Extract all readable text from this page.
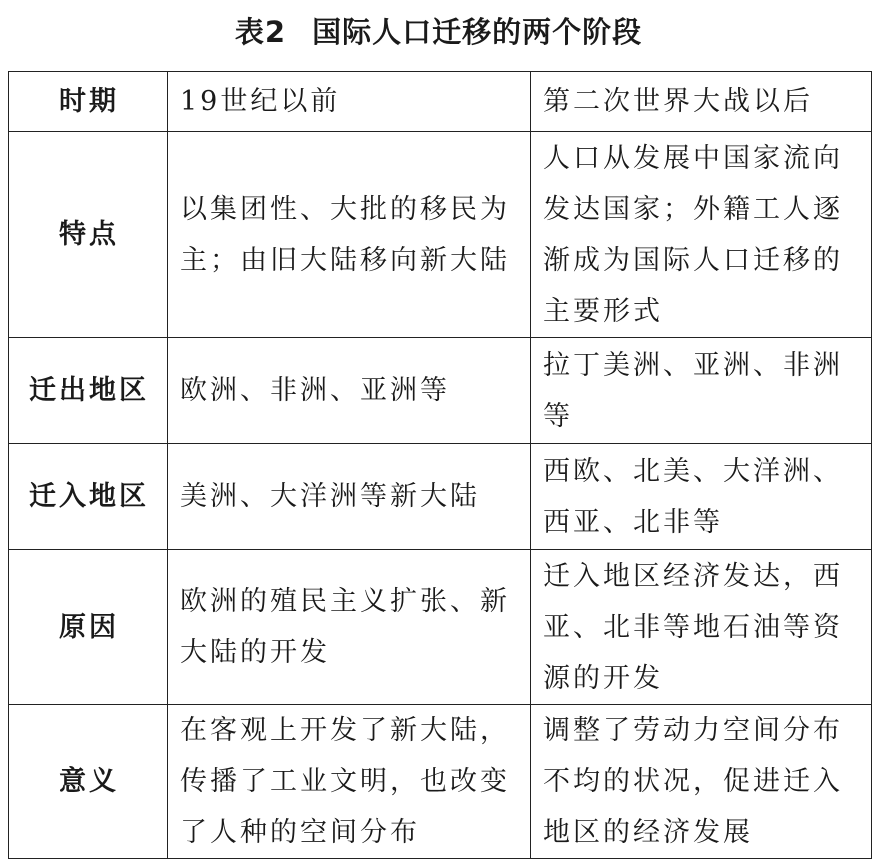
表2 国际人口迁移的两个阶段
时期	19世纪以前	第二次世界大战以后
特点	以集团性、大批的移民为主；由旧大陆移向新大陆	人口从发展中国家流向发达国家；外籍工人逐渐成为国际人口迁移的主要形式
迁出地区	欧洲、非洲、亚洲等	拉丁美洲、亚洲、非洲等
迁入地区	美洲、大洋洲等新大陆	西欧、北美、大洋洲、西亚、北非等
原因	欧洲的殖民主义扩张、新大陆的开发	迁入地区经济发达，西亚、北非等地石油等资源的开发
意义	在客观上开发了新大陆，传播了工业文明，也改变了人种的空间分布	调整了劳动力空间分布不均的状况，促进迁入地区的经济发展
